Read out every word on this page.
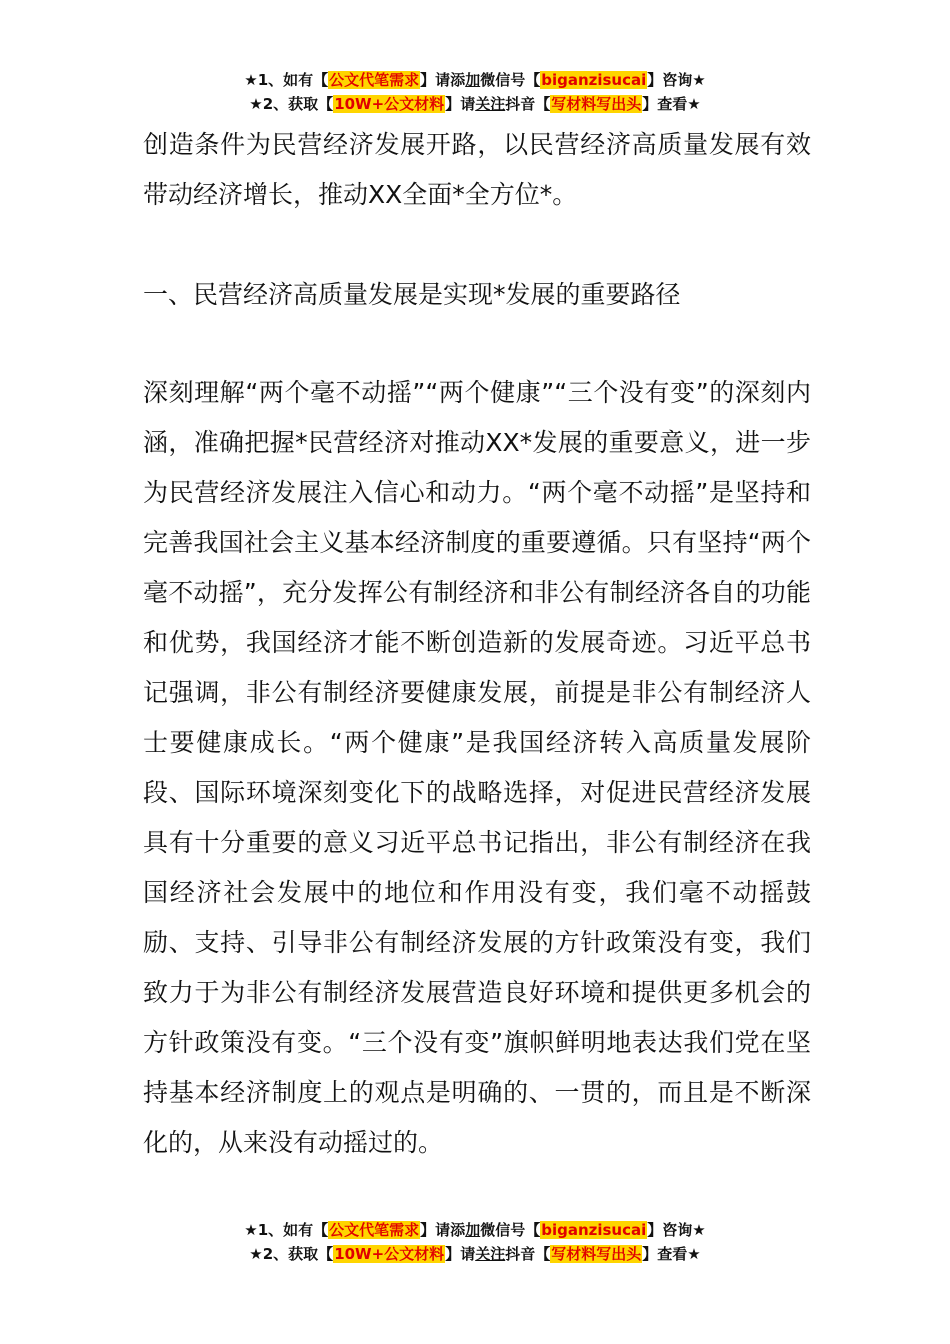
★1、如有【公文代笔需求】请添加微信号【biganzisucai】咨询★
★2、获取【10W+公文材料】请关注抖音【写材料写出头】查看★

创造条件为民营经济发展开路，以民营经济高质量发展有效带动经济增长，推动XX全面*全方位*。

一、民营经济高质量发展是实现*发展的重要路径

深刻理解“两个毫不动摇”“两个健康”“三个没有变”的深刻内涵，准确把握*民营经济对推动XX*发展的重要意义，进一步为民营经济发展注入信心和动力。“两个毫不动摇”是坚持和完善我国社会主义基本经济制度的重要遵循。只有坚持“两个毫不动摇”，充分发挥公有制经济和非公有制经济各自的功能和优势，我国经济才能不断创造新的发展奇迹。习近平总书记强调，非公有制经济要健康发展，前提是非公有制经济人士要健康成长。“两个健康”是我国经济转入高质量发展阶段、国际环境深刻变化下的战略选择，对促进民营经济发展具有十分重要的意义习近平总书记指出，非公有制经济在我国经济社会发展中的地位和作用没有变，我们毫不动摇鼓励、支持、引导非公有制经济发展的方针政策没有变，我们致力于为非公有制经济发展营造良好环境和提供更多机会的方针政策没有变。“三个没有变”旗帜鲜明地表达我们党在坚持基本经济制度上的观点是明确的、一贯的，而且是不断深化的，从来没有动摇过的。

★1、如有【公文代笔需求】请添加微信号【biganzisucai】咨询★
★2、获取【10W+公文材料】请关注抖音【写材料写出头】查看★
